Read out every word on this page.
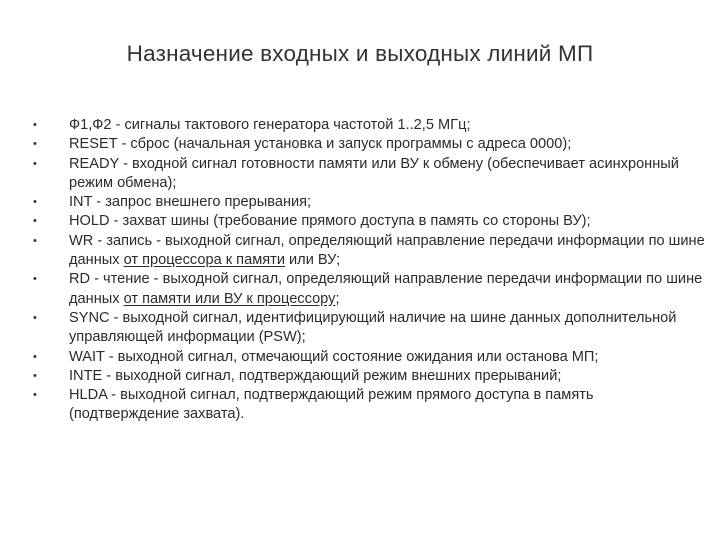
Назначение входных и выходных линий МП
• Ф1,Ф2 - сигналы тактового генератора частотой 1..2,5 МГц;
• RESET - сброс (начальная установка и запуск программы с адреса 0000);
• READY - входной сигнал готовности памяти или ВУ к обмену (обеспечивает асинхронный режим обмена);
• INT - запрос внешнего прерывания;
• HOLD - захват шины (требование прямого доступа в память со стороны ВУ);
• WR - запись - выходной сигнал, определяющий направление передачи информации по шине данных от процессора к памяти или ВУ;
• RD - чтение - выходной сигнал, определяющий направление передачи информации по шине данных от памяти или ВУ к процессору;
• SYNC - выходной сигнал, идентифицирующий наличие на шине данных дополнительной управляющей информации (PSW);
• WAIT - выходной сигнал, отмечающий состояние ожидания или останова МП;
• INTE - выходной сигнал, подтверждающий режим внешних прерываний;
• HLDA - выходной сигнал, подтверждающий режим прямого доступа в память (подтверждение захвата).
